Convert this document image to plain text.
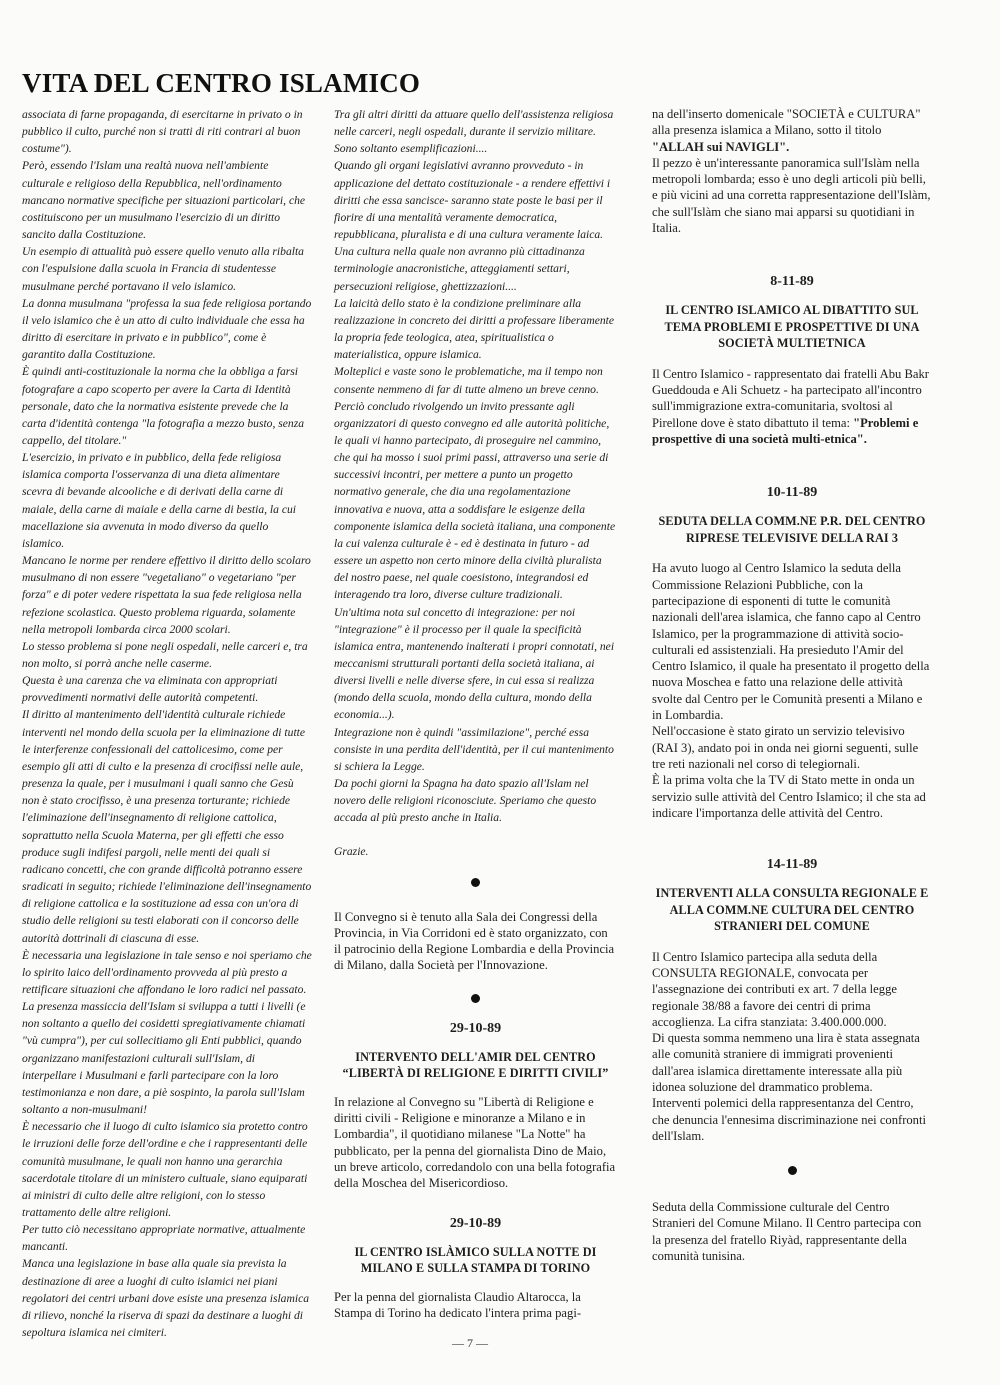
VITA DEL CENTRO ISLAMICO

associata di farne propaganda, di esercitarne in privato o in pubblico il culto, purché non si tratti di riti contrari al buon costume").

Però, essendo l'Islam una realtà nuova nell'ambiente culturale e religioso della Repubblica, nell'ordinamento mancano normative specifiche per situazioni particolari, che costituiscono per un musulmano l'esercizio di un diritto sancito dalla Costituzione.

Un esempio di attualità può essere quello venuto alla ribalta con l'espulsione dalla scuola in Francia di studentesse musulmane perché portavano il velo islamico.

La donna musulmana "professa la sua fede religiosa portando il velo islamico che è un atto di culto individuale che essa ha diritto di esercitare in privato e in pubblico", come è garantito dalla Costituzione.

È quindi anti-costituzionale la norma che la obbliga a farsi fotografare a capo scoperto per avere la Carta di Identità personale, dato che la normativa esistente prevede che la carta d'identità contenga "la fotografia a mezzo busto, senza cappello, del titolare."

L'esercizio, in privato e in pubblico, della fede religiosa islamica comporta l'osservanza di una dieta alimentare scevra di bevande alcooliche e di derivati della carne di maiale, della carne di maiale e della carne di bestia, la cui macellazione sia avvenuta in modo diverso da quello islamico.

Mancano le norme per rendere effettivo il diritto dello scolaro musulmano di non essere "vegetaliano" o vegetariano "per forza" e di poter vedere rispettata la sua fede religiosa nella refezione scolastica. Questo problema riguarda, solamente nella metropoli lombarda circa 2000 scolari.

Lo stesso problema si pone negli ospedali, nelle carceri e, tra non molto, si porrà anche nelle caserme.

Questa è una carenza che va eliminata con appropriati provvedimenti normativi delle autorità competenti.

Il diritto al mantenimento dell'identità culturale richiede interventi nel mondo della scuola per la eliminazione di tutte le interferenze confessionali del cattolicesimo, come per esempio gli atti di culto e la presenza di crocifissi nelle aule, presenza la quale, per i musulmani i quali sanno che Gesù non è stato crocifisso, è una presenza torturante; richiede l'eliminazione dell'insegnamento di religione cattolica, soprattutto nella Scuola Materna, per gli effetti che esso produce sugli indifesi pargoli, nelle menti dei quali si radicano concetti, che con grande difficoltà potranno essere sradicati in seguito; richiede l'eliminazione dell'insegnamento di religione cattolica e la sostituzione ad essa con un'ora di studio delle religioni su testi elaborati con il concorso delle autorità dottrinali di ciascuna di esse.

È necessaria una legislazione in tale senso e noi speriamo che lo spirito laico dell'ordinamento provveda al più presto a rettificare situazioni che affondano le loro radici nel passato.

La presenza massiccia dell'Islam si sviluppa a tutti i livelli (e non soltanto a quello dei cosidetti spregiativamente chiamati "vù cumpra"), per cui sollecitiamo gli Enti pubblici, quando organizzano manifestazioni culturali sull'Islam, di interpellare i Musulmani e farli partecipare con la loro testimonianza e non dare, a piè sospinto, la parola sull'Islam soltanto a non-musulmani!

È necessario che il luogo di culto islamico sia protetto contro le irruzioni delle forze dell'ordine e che i rappresentanti delle comunità musulmane, le quali non hanno una gerarchia sacerdotale titolare di un ministero cultuale, siano equiparati ai ministri di culto delle altre religioni, con lo stesso trattamento delle altre religioni.

Per tutto ciò necessitano appropriate normative, attualmente mancanti.

Manca una legislazione in base alla quale sia prevista la destinazione di aree a luoghi di culto islamici nei piani regolatori dei centri urbani dove esiste una presenza islamica di rilievo, nonché la riserva di spazi da destinare a luoghi di sepoltura islamica nei cimiteri.

Tra gli altri diritti da attuare quello dell'assistenza religiosa nelle carceri, negli ospedali, durante il servizio militare. Sono soltanto esemplificazioni....

Quando gli organi legislativi avranno provveduto - in applicazione del dettato costituzionale - a rendere effettivi i diritti che essa sancisce- saranno state poste le basi per il fiorire di una mentalità veramente democratica, repubblicana, pluralista e di una cultura veramente laica.

Una cultura nella quale non avranno più cittadinanza terminologie anacronistiche, atteggiamenti settari, persecuzioni religiose, ghettizzazioni....

La laicità dello stato è la condizione preliminare alla realizzazione in concreto dei diritti a professare liberamente la propria fede teologica, atea, spiritualistica o materialistica, oppure islamica.

Molteplici e vaste sono le problematiche, ma il tempo non consente nemmeno di far di tutte almeno un breve cenno.

Perciò concludo rivolgendo un invito pressante agli organizzatori di questo convegno ed alle autorità politiche, le quali vi hanno partecipato, di proseguire nel cammino, che qui ha mosso i suoi primi passi, attraverso una serie di successivi incontri, per mettere a punto un progetto normativo generale, che dia una regolamentazione innovativa e nuova, atta a soddisfare le esigenze della componente islamica della società italiana, una componente la cui valenza culturale è - ed è destinata in futuro - ad essere un aspetto non certo minore della civiltà pluralista del nostro paese, nel quale coesistono, integrandosi ed interagendo tra loro, diverse culture tradizionali.

Un'ultima nota sul concetto di integrazione: per noi "integrazione" è il processo per il quale la specificità islamica entra, mantenendo inalterati i propri connotati, nei meccanismi strutturali portanti della società italiana, ai diversi livelli e nelle diverse sfere, in cui essa si realizza (mondo della scuola, mondo della cultura, mondo della economia...).

Integrazione non è quindi "assimilazione", perché essa consiste in una perdita dell'identità, per il cui mantenimento si schiera la Legge.

Da pochi giorni la Spagna ha dato spazio all'Islam nel novero delle religioni riconosciute. Speriamo che questo accada al più presto anche in Italia.

Grazie.

Il Convegno si è tenuto alla Sala dei Congressi della Provincia, in Via Corridoni ed è stato organizzato, con il patrocinio della Regione Lombardia e della Provincia di Milano, dalla Società per l'Innovazione.

29-10-89

INTERVENTO DELL'AMIR DEL CENTRO “LIBERTÀ DI RELIGIONE E DIRITTI CIVILI”

In relazione al Convegno su "Libertà di Religione e diritti civili - Religione e minoranze a Milano e in Lombardia", il quotidiano milanese "La Notte" ha pubblicato, per la penna del giornalista Dino de Maio, un breve articolo, corredandolo con una bella fotografia della Moschea del Misericordioso.

29-10-89

IL CENTRO ISLÀMICO SULLA NOTTE DI MILANO E SULLA STAMPA DI TORINO

Per la penna del giornalista Claudio Altarocca, la Stampa di Torino ha dedicato l'intera prima pagi-

na dell'inserto domenicale "SOCIETÀ e CULTURA" alla presenza islamica a Milano, sotto il titolo "ALLAH sui NAVIGLI".

Il pezzo è un'interessante panoramica sull'Islàm nella metropoli lombarda; esso è uno degli articoli più belli, e più vicini ad una corretta rappresentazione dell'Islàm, che sull'Islàm che siano mai apparsi su quotidiani in Italia.

8-11-89

IL CENTRO ISLAMICO AL DIBATTITO SUL TEMA PROBLEMI E PROSPETTIVE DI UNA SOCIETÀ MULTIETNICA

Il Centro Islamico - rappresentato dai fratelli Abu Bakr Gueddouda e Ali Schuetz - ha partecipato all'incontro sull'immigrazione extra-comunitaria, svoltosi al Pirellone dove è stato dibattuto il tema: "Problemi e prospettive di una società multi-etnica".

10-11-89

SEDUTA DELLA COMM.NE P.R. DEL CENTRO RIPRESE TELEVISIVE DELLA RAI 3

Ha avuto luogo al Centro Islamico la seduta della Commissione Relazioni Pubbliche, con la partecipazione di esponenti di tutte le comunità nazionali dell'area islamica, che fanno capo al Centro Islamico, per la programmazione di attività socio-culturali ed assistenziali. Ha presieduto l'Amir del Centro Islamico, il quale ha presentato il progetto della nuova Moschea e fatto una relazione delle attività svolte dal Centro per le Comunità presenti a Milano e in Lombardia.

Nell'occasione è stato girato un servizio televisivo (RAI 3), andato poi in onda nei giorni seguenti, sulle tre reti nazionali nel corso di telegiornali.

È la prima volta che la TV di Stato mette in onda un servizio sulle attività del Centro Islamico; il che sta ad indicare l'importanza delle attività del Centro.

14-11-89

INTERVENTI ALLA CONSULTA REGIONALE E ALLA COMM.NE CULTURA DEL CENTRO STRANIERI DEL COMUNE

Il Centro Islamico partecipa alla seduta della CONSULTA REGIONALE, convocata per l'assegnazione dei contributi ex art. 7 della legge regionale 38/88 a favore dei centri di prima accoglienza. La cifra stanziata: 3.400.000.000.

Di questa somma nemmeno una lira è stata assegnata alle comunità straniere di immigrati provenienti dall'area islamica direttamente interessate alla più idonea soluzione del drammatico problema.

Interventi polemici della rappresentanza del Centro, che denuncia l'ennesima discriminazione nei confronti dell'Islam.

Seduta della Commissione culturale del Centro Stranieri del Comune Milano. Il Centro partecipa con la presenza del fratello Riyàd, rappresentante della comunità tunisina.

— 7 —
